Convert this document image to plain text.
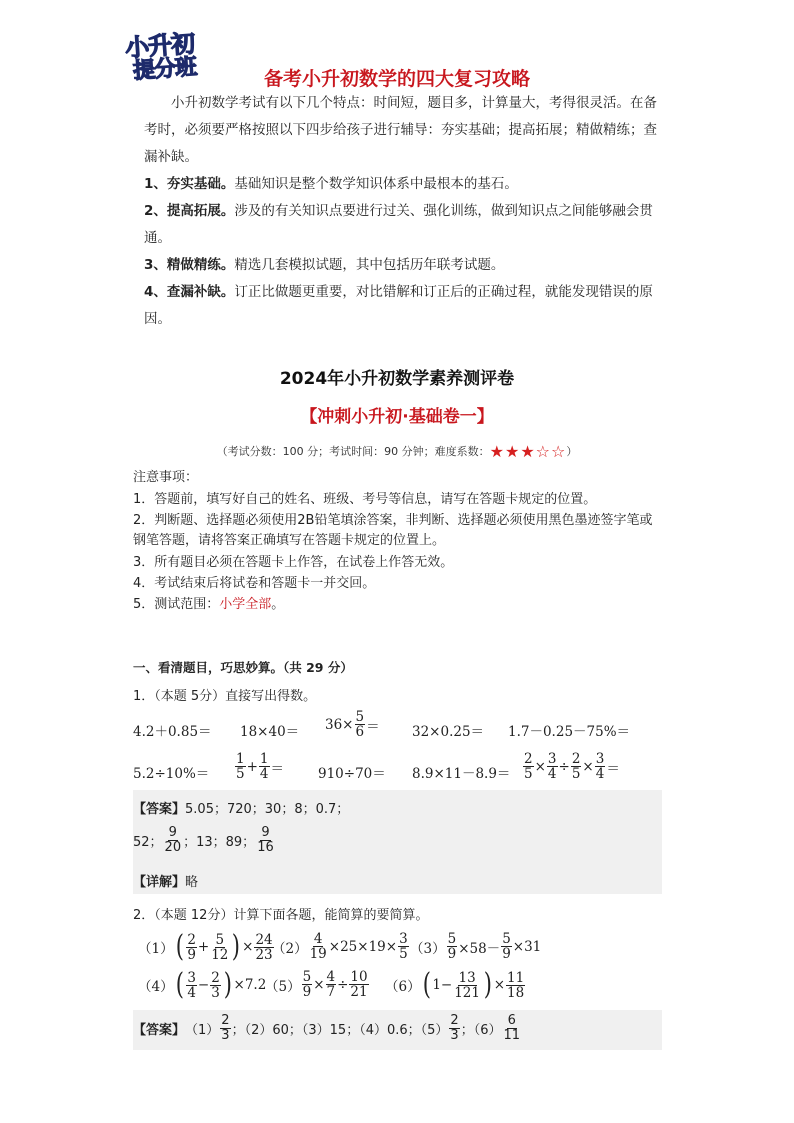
小升初
提分班	备考小升初数学的四大复习攻略
小升初数学考试有以下几个特点：时间短，题目多，计算量大，考得很灵活。在备考时，必须要严格按照以下四步给孩子进行辅导：夯实基础；提高拓展；精做精练；查漏补缺。
1、夯实基础。基础知识是整个数学知识体系中最根本的基石。
2、提高拓展。涉及的有关知识点要进行过关、强化训练，做到知识点之间能够融会贯通。
3、精做精练。精选几套模拟试题，其中包括历年联考试题。
4、查漏补缺。订正比做题更重要，对比错解和订正后的正确过程，就能发现错误的原因。
2024年小升初数学素养测评卷
【冲刺小升初·基础卷一】
（考试分数：100 分；考试时间：90 分钟；难度系数：★★★☆☆）
注意事项：
1．答题前，填写好自己的姓名、班级、考号等信息，请写在答题卡规定的位置。
2．判断题、选择题必须使用2B铅笔填涂答案，非判断、选择题必须使用黑色墨迹签字笔或钢笔答题，请将答案正确填写在答题卡规定的位置上。
3．所有题目必须在答题卡上作答，在试卷上作答无效。
4．考试结束后将试卷和答题卡一并交回。
5．测试范围：小学全部。
一、看清题目，巧思妙算。（共 29 分）
1．（本题 5分）直接写出得数。
$4.2+0.85= 18\times 40= 36\times \frac{5}{6} = 32\times 0.25= 1.7-0.25-75\%=$
$5.2\div 10\%= \frac{1}{5} + \frac{1}{4}$ ＝	$910\div 70= 8.9\times 11-8.9= \frac{2}{5} \times \frac{3}{4} \div \frac{2}{5} \times \frac{3}{4}$ ＝
【答案】 5.05；720；30；8；0.7；
52； $\frac{9}{20}$ ；13；89； $\frac{9}{16}$
【详解】 略
2．（本题 12分）计算下面各题，能简算的要简算。
（1） ( $\frac{2}{9} + \frac{5}{12}$ ) × $\frac{24}{23}$
$(2) \frac{4}{19} \times 25\times 19\times \frac{3}{5} (3) \frac{5}{9} \times 58- \frac{5}{9} \times 31$
（4） ( $\frac{3}{4} - \frac{2}{3}$ ) ×7.2
$(5) \frac{5}{9} \times \frac{4}{7} \div \frac{10}{21} (6)$ ( $1 - \frac{13}{121}$ ) × $\frac{11}{18}$
【答案】 $(1) \frac{2}{3}$ ；（2）60；（3）15；（4）0.6；$(5) \frac{2}{3}$ ；$(6) \frac{6}{11}$
